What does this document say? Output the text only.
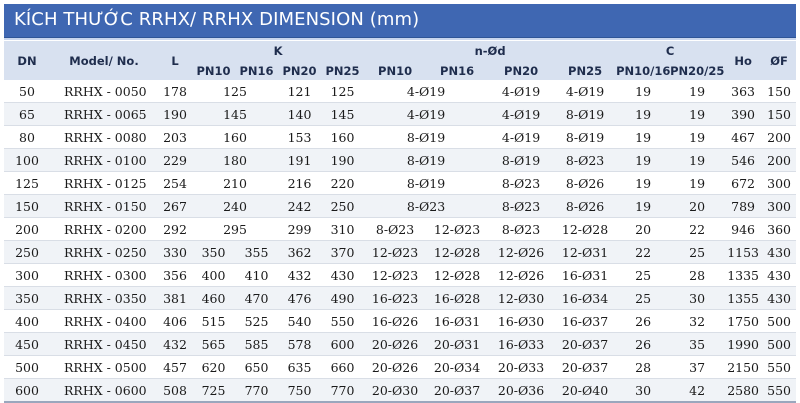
KÍCH THƯỚC RRHX/ RRHX DIMENSION (mm)
DN	Model/ No.	L	K				n-Ød				C		Ho	ØF
			PN10	PN16	PN20	PN25	PN10	PN16	PN20	PN25	PN10/16	PN20/25		
50	RRHX - 0050	178	125		121	125	4-Ø19		4-Ø19	4-Ø19	19	19	363	150
65	RRHX - 0065	190	145		140	145	4-Ø19		4-Ø19	8-Ø19	19	19	390	150
80	RRHX - 0080	203	160		153	160	8-Ø19		4-Ø19	8-Ø19	19	19	467	200
100	RRHX - 0100	229	180		191	190	8-Ø19		8-Ø19	8-Ø23	19	19	546	200
125	RRHX - 0125	254	210		216	220	8-Ø19		8-Ø23	8-Ø26	19	19	672	300
150	RRHX - 0150	267	240		242	250	8-Ø23		8-Ø23	8-Ø26	19	20	789	300
200	RRHX - 0200	292	295		299	310	8-Ø23	12-Ø23	8-Ø23	12-Ø28	20	22	946	360
250	RRHX - 0250	330	350	355	362	370	12-Ø23	12-Ø28	12-Ø26	12-Ø31	22	25	1153	430
300	RRHX - 0300	356	400	410	432	430	12-Ø23	12-Ø28	12-Ø26	16-Ø31	25	28	1335	430
350	RRHX - 0350	381	460	470	476	490	16-Ø23	16-Ø28	12-Ø30	16-Ø34	25	30	1355	430
400	RRHX - 0400	406	515	525	540	550	16-Ø26	16-Ø31	16-Ø30	16-Ø37	26	32	1750	500
450	RRHX - 0450	432	565	585	578	600	20-Ø26	20-Ø31	16-Ø33	20-Ø37	26	35	1990	500
500	RRHX - 0500	457	620	650	635	660	20-Ø26	20-Ø34	20-Ø33	20-Ø37	28	37	2150	550
600	RRHX - 0600	508	725	770	750	770	20-Ø30	20-Ø37	20-Ø36	20-Ø40	30	42	2580	550
